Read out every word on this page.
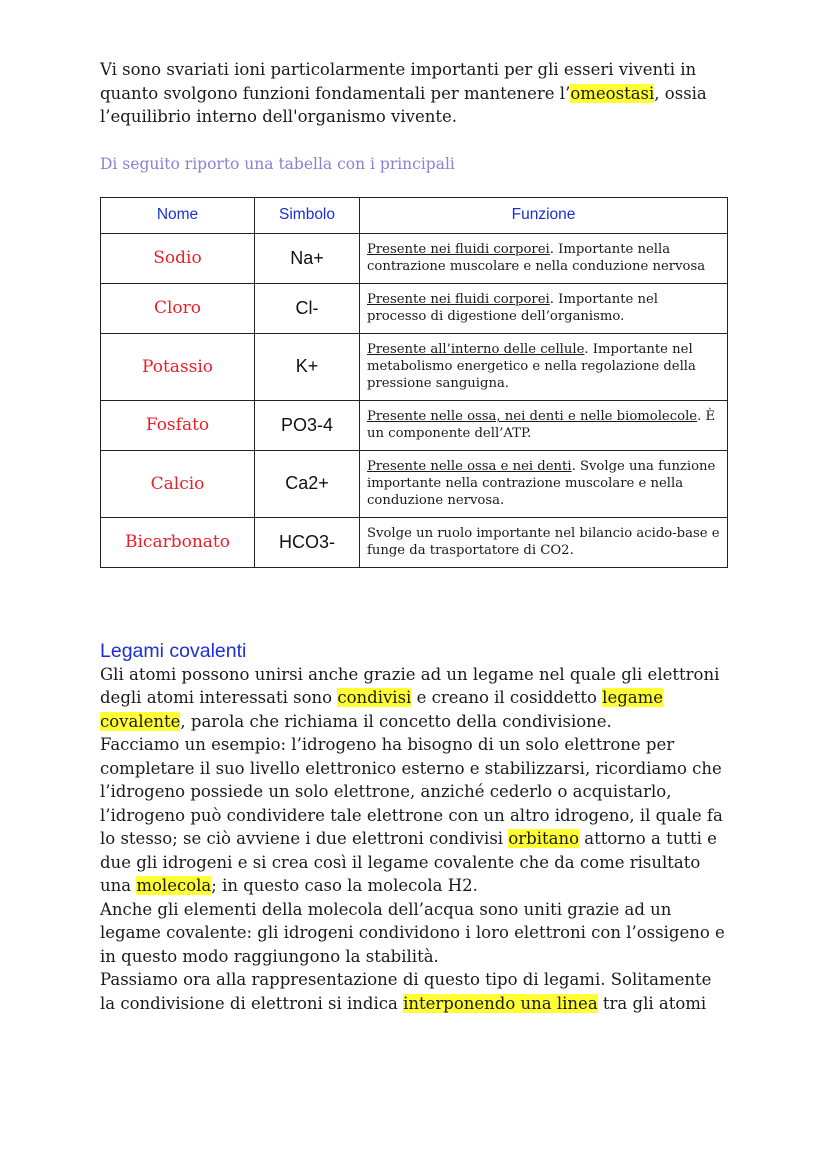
Vi sono svariati ioni particolarmente importanti per gli esseri viventi in quanto svolgono funzioni fondamentali per mantenere l’omeostasi, ossia l’equilibrio interno dell'organismo vivente.

Di seguito riporto una tabella con i principali
Nome	Simbolo	Funzione
Sodio	Na+	Presente nei fluidi corporei. Importante nella contrazione muscolare e nella conduzione nervosa
Cloro	Cl-	Presente nei fluidi corporei. Importante nel processo di digestione dell’organismo.
Potassio	K+	Presente all’interno delle cellule. Importante nel metabolismo energetico e nella regolazione della pressione sanguigna.
Fosfato	PO3-4	Presente nelle ossa, nei denti e nelle biomolecole. È un componente dell’ATP.
Calcio	Ca2+	Presente nelle ossa e nei denti. Svolge una funzione importante nella contrazione muscolare e nella conduzione nervosa.
Bicarbonato	HCO3-	Svolge un ruolo importante nel bilancio acido-base e funge da trasportatore di CO2.
Legami covalenti

Gli atomi possono unirsi anche grazie ad un legame nel quale gli elettroni degli atomi interessati sono condivisi e creano il cosiddetto legame covalente, parola che richiama il concetto della condivisione.

Facciamo un esempio: l’idrogeno ha bisogno di un solo elettrone per completare il suo livello elettronico esterno e stabilizzarsi, ricordiamo che l’idrogeno possiede un solo elettrone, anziché cederlo o acquistarlo, l’idrogeno può condividere tale elettrone con un altro idrogeno, il quale fa lo stesso; se ciò avviene i due elettroni condivisi orbitano attorno a tutti e due gli idrogeni e si crea così il legame covalente che da come risultato una molecola; in questo caso la molecola H2.

Anche gli elementi della molecola dell’acqua sono uniti grazie ad un legame covalente: gli idrogeni condividono i loro elettroni con l’ossigeno e in questo modo raggiungono la stabilità.

Passiamo ora alla rappresentazione di questo tipo di legami. Solitamente la condivisione di elettroni si indica interponendo una linea tra gli atomi
